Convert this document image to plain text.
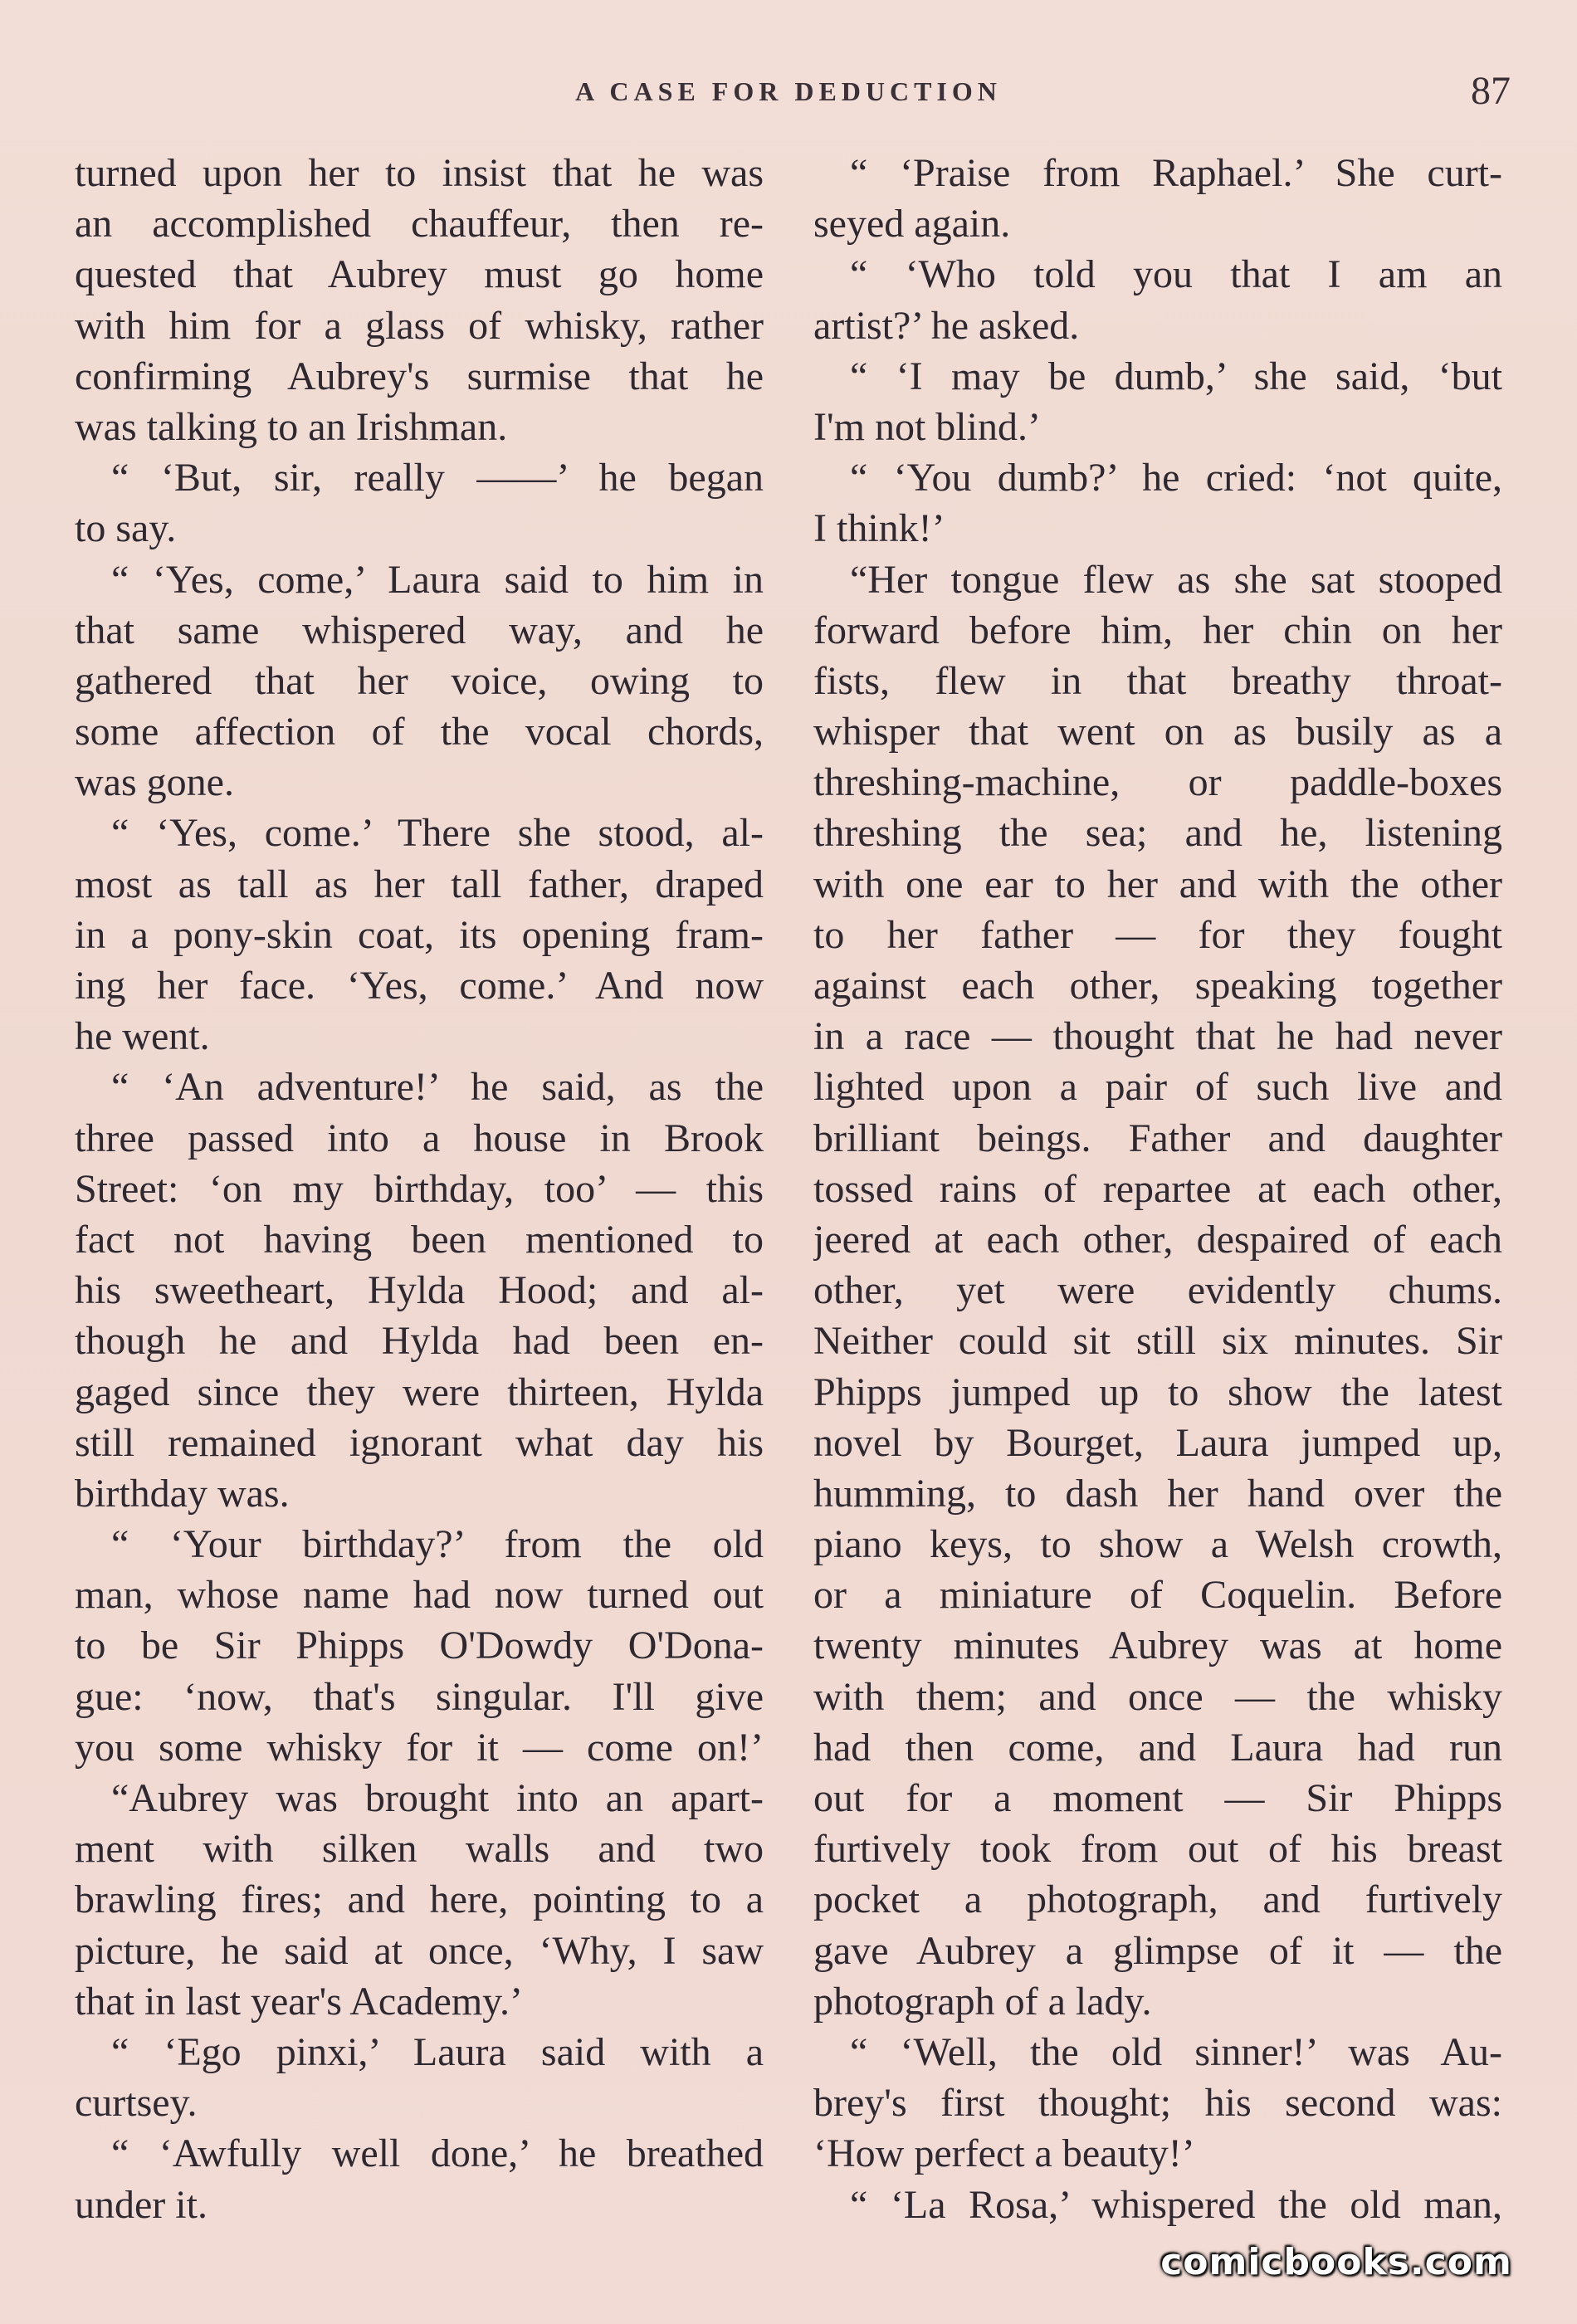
A CASE FOR DEDUCTION	87
turned upon her to insist that he was
an accomplished chauffeur, then re-
quested that Aubrey must go home
with him for a glass of whisky, rather
confirming Aubrey's surmise that he
was talking to an Irishman.
“ ‘But, sir, really ——’ he began
to say.
“ ‘Yes, come,’ Laura said to him in
that same whispered way, and he
gathered that her voice, owing to
some affection of the vocal chords,
was gone.
“ ‘Yes, come.’ There she stood, al-
most as tall as her tall father, draped
in a pony-skin coat, its opening fram-
ing her face. ‘Yes, come.’ And now
he went.
“ ‘An adventure!’ he said, as the
three passed into a house in Brook
Street: ‘on my birthday, too’ — this
fact not having been mentioned to
his sweetheart, Hylda Hood; and al-
though he and Hylda had been en-
gaged since they were thirteen, Hylda
still remained ignorant what day his
birthday was.
“ ‘Your birthday?’ from the old
man, whose name had now turned out
to be Sir Phipps O'Dowdy O'Dona-
gue: ‘now, that's singular. I'll give
you some whisky for it — come on!’
“Aubrey was brought into an apart-
ment with silken walls and two
brawling fires; and here, pointing to a
picture, he said at once, ‘Why, I saw
that in last year's Academy.’
“ ‘Ego pinxi,’ Laura said with a
curtsey.
“ ‘Awfully well done,’ he breathed
under it.
“ ‘Praise from Raphael.’ She curt-
seyed again.
“ ‘Who told you that I am an
artist?’ he asked.
“ ‘I may be dumb,’ she said, ‘but
I'm not blind.’
“ ‘You dumb?’ he cried: ‘not quite,
I think!’
“Her tongue flew as she sat stooped
forward before him, her chin on her
fists, flew in that breathy throat-
whisper that went on as busily as a
threshing-machine, or paddle-boxes
threshing the sea; and he, listening
with one ear to her and with the other
to her father — for they fought
against each other, speaking together
in a race — thought that he had never
lighted upon a pair of such live and
brilliant beings. Father and daughter
tossed rains of repartee at each other,
jeered at each other, despaired of each
other, yet were evidently chums.
Neither could sit still six minutes. Sir
Phipps jumped up to show the latest
novel by Bourget, Laura jumped up,
humming, to dash her hand over the
piano keys, to show a Welsh crowth,
or a miniature of Coquelin. Before
twenty minutes Aubrey was at home
with them; and once — the whisky
had then come, and Laura had run
out for a moment — Sir Phipps
furtively took from out of his breast
pocket a photograph, and furtively
gave Aubrey a glimpse of it — the
photograph of a lady.
“ ‘Well, the old sinner!’ was Au-
brey's first thought; his second was:
‘How perfect a beauty!’
“ ‘La Rosa,’ whispered the old man,
comicbooks.com
